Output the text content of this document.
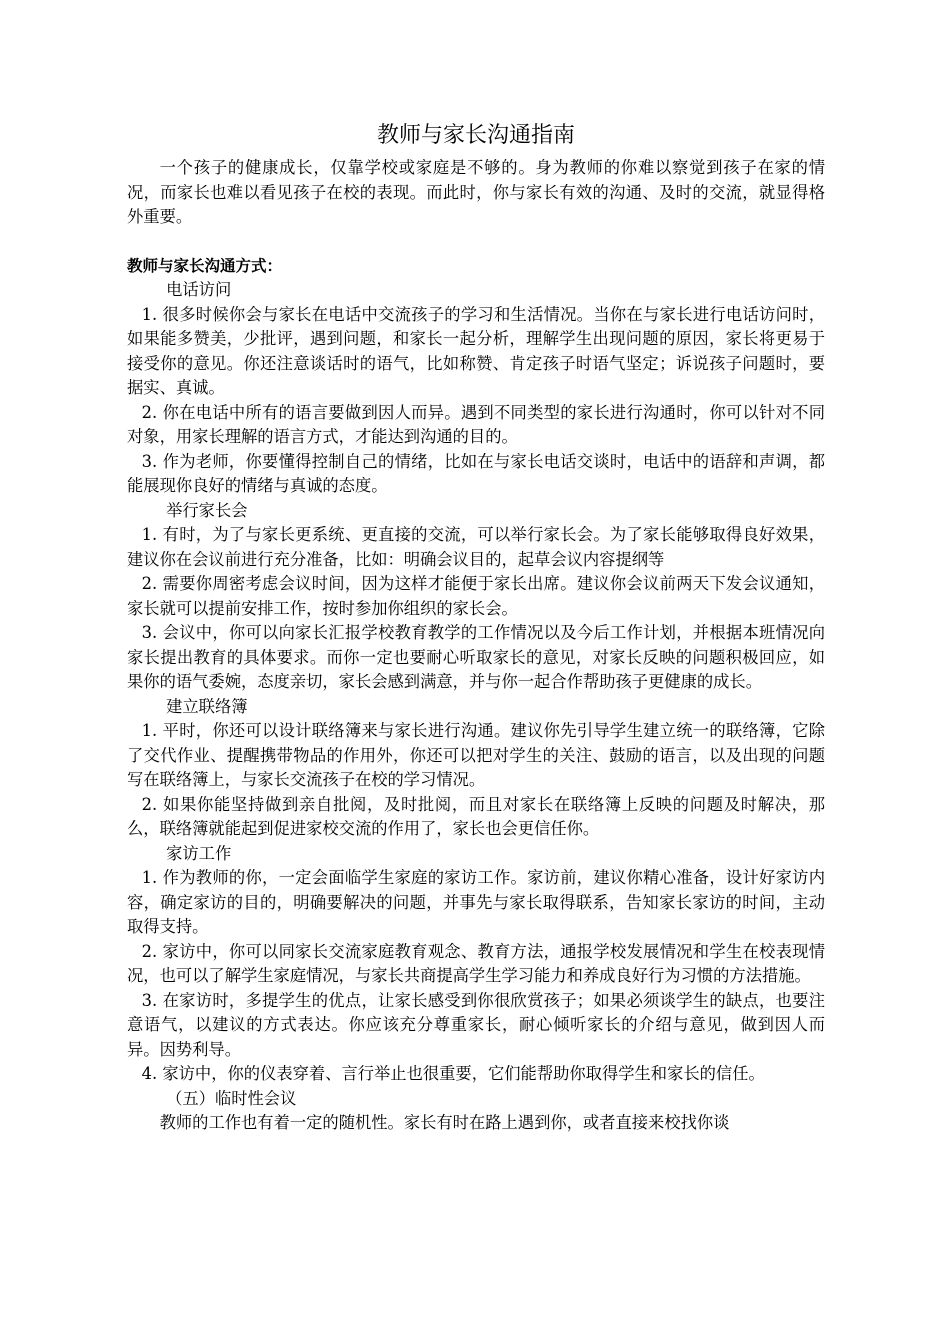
教师与家长沟通指南

一个孩子的健康成长，仅靠学校或家庭是不够的。身为教师的你难以察觉到孩子在家的情况，而家长也难以看见孩子在校的表现。而此时，你与家长有效的沟通、及时的交流，就显得格外重要。

教师与家长沟通方式：

电话访问

1. 很多时候你会与家长在电话中交流孩子的学习和生活情况。当你在与家长进行电话访问时，如果能多赞美，少批评，遇到问题，和家长一起分析，理解学生出现问题的原因，家长将更易于接受你的意见。你还注意谈话时的语气，比如称赞、肯定孩子时语气坚定；诉说孩子问题时，要据实、真诚。

2. 你在电话中所有的语言要做到因人而异。遇到不同类型的家长进行沟通时，你可以针对不同对象，用家长理解的语言方式，才能达到沟通的目的。

3. 作为老师，你要懂得控制自己的情绪，比如在与家长电话交谈时，电话中的语辞和声调，都能展现你良好的情绪与真诚的态度。

举行家长会

1. 有时，为了与家长更系统、更直接的交流，可以举行家长会。为了家长能够取得良好效果，建议你在会议前进行充分准备，比如：明确会议目的，起草会议内容提纲等

2. 需要你周密考虑会议时间，因为这样才能便于家长出席。建议你会议前两天下发会议通知，家长就可以提前安排工作，按时参加你组织的家长会。

3. 会议中，你可以向家长汇报学校教育教学的工作情况以及今后工作计划，并根据本班情况向家长提出教育的具体要求。而你一定也要耐心听取家长的意见，对家长反映的问题积极回应，如果你的语气委婉，态度亲切，家长会感到满意，并与你一起合作帮助孩子更健康的成长。

建立联络簿

1. 平时，你还可以设计联络簿来与家长进行沟通。建议你先引导学生建立统一的联络簿，它除了交代作业、提醒携带物品的作用外，你还可以把对学生的关注、鼓励的语言，以及出现的问题写在联络簿上，与家长交流孩子在校的学习情况。

2. 如果你能坚持做到亲自批阅，及时批阅，而且对家长在联络簿上反映的问题及时解决，那么，联络簿就能起到促进家校交流的作用了，家长也会更信任你。

家访工作

1. 作为教师的你，一定会面临学生家庭的家访工作。家访前，建议你精心准备，设计好家访内容，确定家访的目的，明确要解决的问题，并事先与家长取得联系，告知家长家访的时间，主动取得支持。

2. 家访中，你可以同家长交流家庭教育观念、教育方法，通报学校发展情况和学生在校表现情况，也可以了解学生家庭情况，与家长共商提高学生学习能力和养成良好行为习惯的方法措施。

3. 在家访时，多提学生的优点，让家长感受到你很欣赏孩子；如果必须谈学生的缺点，也要注意语气，以建议的方式表达。你应该充分尊重家长，耐心倾听家长的介绍与意见，做到因人而异。因势利导。

4. 家访中，你的仪表穿着、言行举止也很重要，它们能帮助你取得学生和家长的信任。

（五）临时性会议

教师的工作也有着一定的随机性。家长有时在路上遇到你，或者直接来校找你谈
